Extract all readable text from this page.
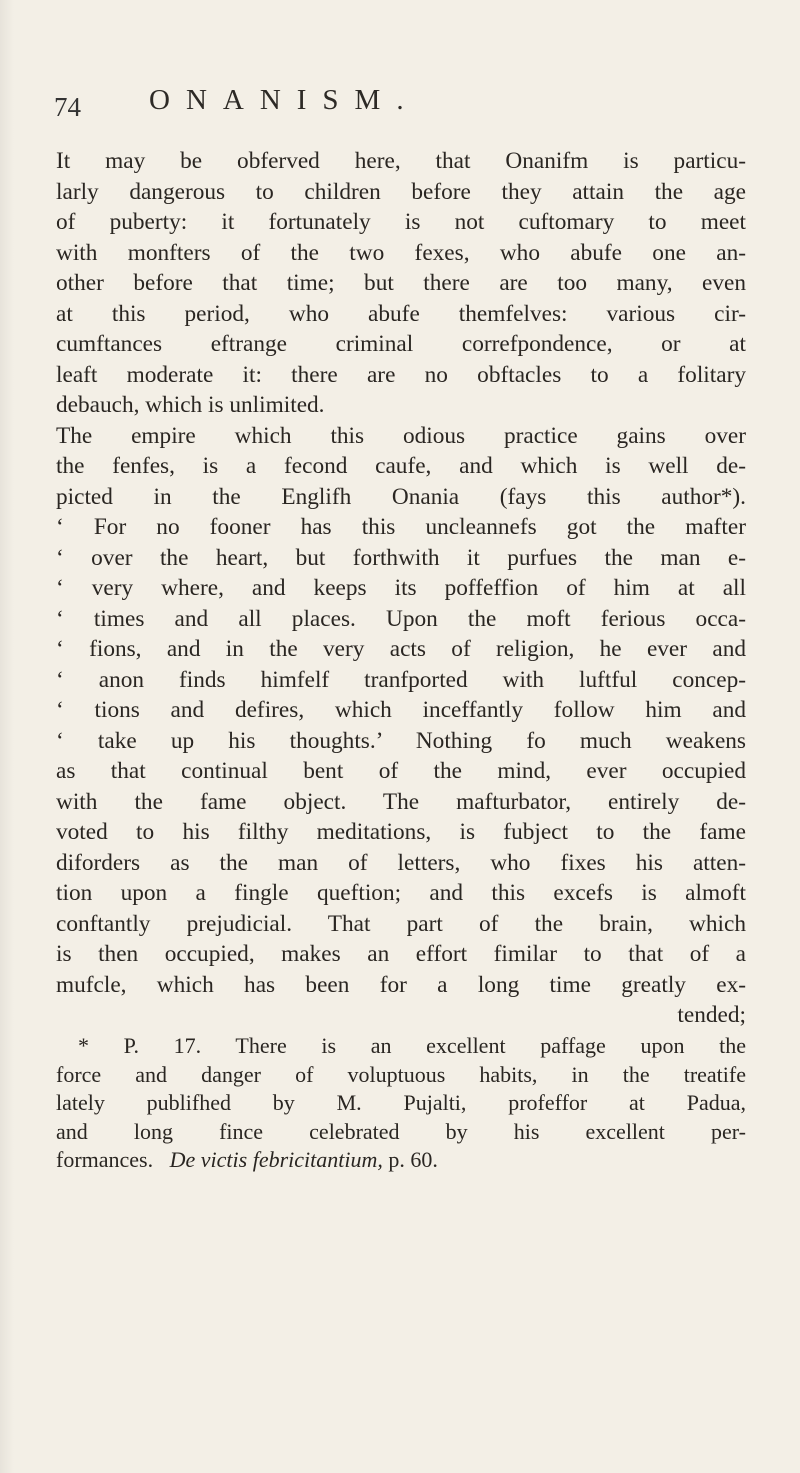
74 ONANISM.
It may be obferved here, that Onanifm is particu-
larly dangerous to children before they attain the age
of puberty: it fortunately is not cuftomary to meet
with monfters of the two fexes, who abufe one an-
other before that time; but there are too many, even
at this period, who abufe themfelves: various cir-
cumftances eftrange criminal correfpondence, or at
leaft moderate it: there are no obftacles to a folitary
debauch, which is unlimited.
The empire which this odious practice gains over
the fenfes, is a fecond caufe, and which is well de-
picted in the Englifh Onania (fays this author*).
‘ For no fooner has this uncleannefs got the mafter
‘ over the heart, but forthwith it purfues the man e-
‘ very where, and keeps its poffeffion of him at all
‘ times and all places. Upon the moft ferious occa-
‘ fions, and in the very acts of religion, he ever and
‘ anon finds himfelf tranfported with luftful concep-
‘ tions and defires, which inceffantly follow him and
‘ take up his thoughts.’ Nothing fo much weakens
as that continual bent of the mind, ever occupied
with the fame object. The mafturbator, entirely de-
voted to his filthy meditations, is fubject to the fame
diforders as the man of letters, who fixes his atten-
tion upon a fingle queftion; and this excefs is almoft
conftantly prejudicial. That part of the brain, which
is then occupied, makes an effort fimilar to that of a
mufcle, which has been for a long time greatly ex-
tended;
* P. 17. There is an excellent paffage upon the
force and danger of voluptuous habits, in the treatife
lately publifhed by M. Pujalti, profeffor at Padua,
and long fince celebrated by his excellent per-
formances. De victis febricitantium, p. 60.
